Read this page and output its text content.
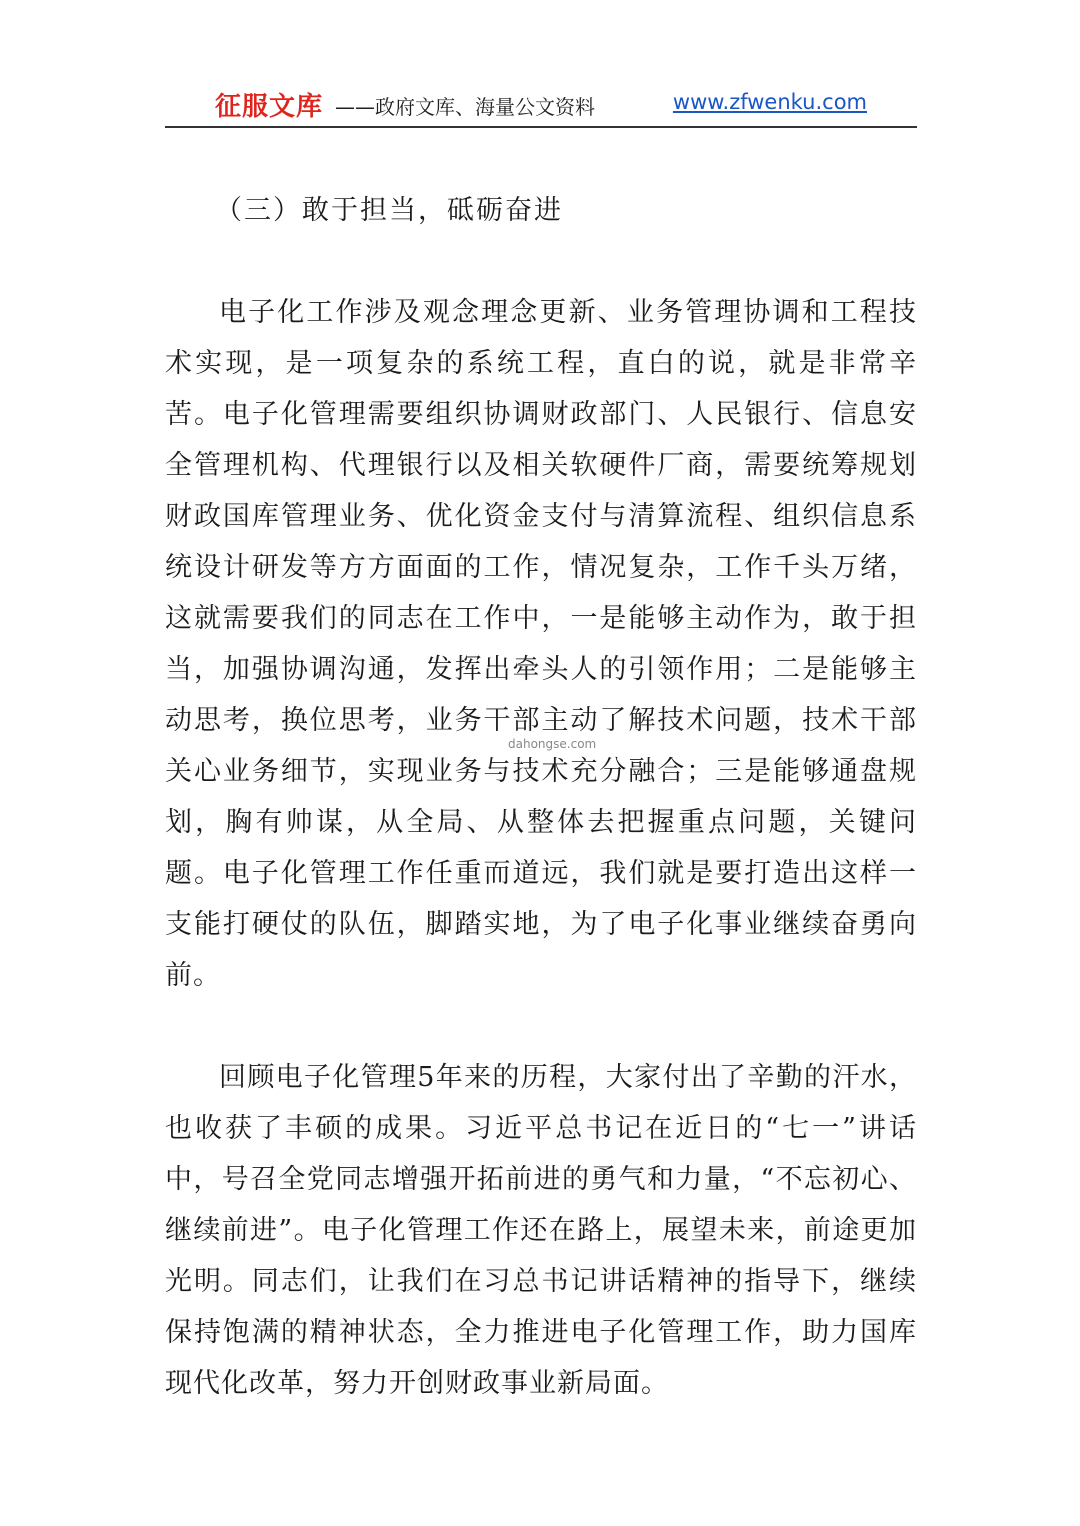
征服文库 ——政府文库、海量公文资料	www.zfwenku.com

（三）敢于担当，砥砺奋进

电子化工作涉及观念理念更新、业务管理协调和工程技术实现，是一项复杂的系统工程，直白的说，就是非常辛苦。电子化管理需要组织协调财政部门、人民银行、信息安全管理机构、代理银行以及相关软硬件厂商，需要统筹规划财政国库管理业务、优化资金支付与清算流程、组织信息系统设计研发等方方面面的工作，情况复杂，工作千头万绪，这就需要我们的同志在工作中，一是能够主动作为，敢于担当，加强协调沟通，发挥出牵头人的引领作用；二是能够主动思考，换位思考，业务干部主动了解技术问题，技术干部关心业务细节，实现业务与技术充分融合；三是能够通盘规划，胸有帅谋，从全局、从整体去把握重点问题，关键问题。电子化管理工作任重而道远，我们就是要打造出这样一支能打硬仗的队伍，脚踏实地，为了电子化事业继续奋勇向前。

回顾电子化管理5年来的历程，大家付出了辛勤的汗水，也收获了丰硕的成果。习近平总书记在近日的“七一”讲话中，号召全党同志增强开拓前进的勇气和力量，“不忘初心、继续前进”。电子化管理工作还在路上，展望未来，前途更加光明。同志们，让我们在习总书记讲话精神的指导下，继续保持饱满的精神状态，全力推进电子化管理工作，助力国库现代化改革，努力开创财政事业新局面。

dahongse.com
